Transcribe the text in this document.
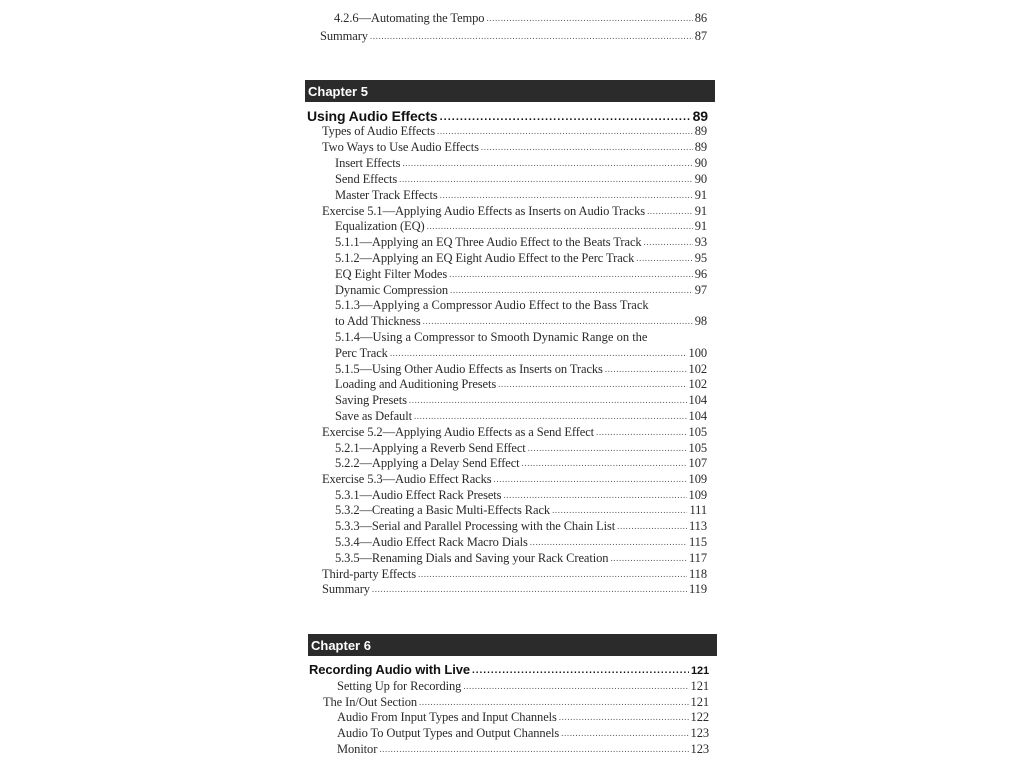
4.2.6—Automating the Tempo .....	86
Summary .....	87
Chapter 5
Using Audio Effects .....	89
Types of Audio Effects .....	89
Two Ways to Use Audio Effects .....	89
Insert Effects .....	90
Send Effects .....	90
Master Track Effects .....	91
Exercise 5.1—Applying Audio Effects as Inserts on Audio Tracks .....	91
Equalization (EQ) .....	91
5.1.1—Applying an EQ Three Audio Effect to the Beats Track .....	93
5.1.2—Applying an EQ Eight Audio Effect to the Perc Track .....	95
EQ Eight Filter Modes .....	96
Dynamic Compression .....	97
5.1.3—Applying a Compressor Audio Effect to the Bass Track
to Add Thickness .....	98
5.1.4—Using a Compressor to Smooth Dynamic Range on the
Perc Track .....	100
5.1.5—Using Other Audio Effects as Inserts on Tracks .....	102
Loading and Auditioning Presets .....	102
Saving Presets .....	104
Save as Default .....	104
Exercise 5.2—Applying Audio Effects as a Send Effect .....	105
5.2.1—Applying a Reverb Send Effect .....	105
5.2.2—Applying a Delay Send Effect .....	107
Exercise 5.3—Audio Effect Racks .....	109
5.3.1—Audio Effect Rack Presets .....	109
5.3.2—Creating a Basic Multi-Effects Rack .....	111
5.3.3—Serial and Parallel Processing with the Chain List .....	113
5.3.4—Audio Effect Rack Macro Dials .....	115
5.3.5—Renaming Dials and Saving your Rack Creation .....	117
Third-party Effects .....	118
Summary .....	119
Chapter 6
Recording Audio with Live .....	121
Setting Up for Recording .....	121
The In/Out Section .....	121
Audio From Input Types and Input Channels .....	122
Audio To Output Types and Output Channels .....	123
Monitor .....	123
